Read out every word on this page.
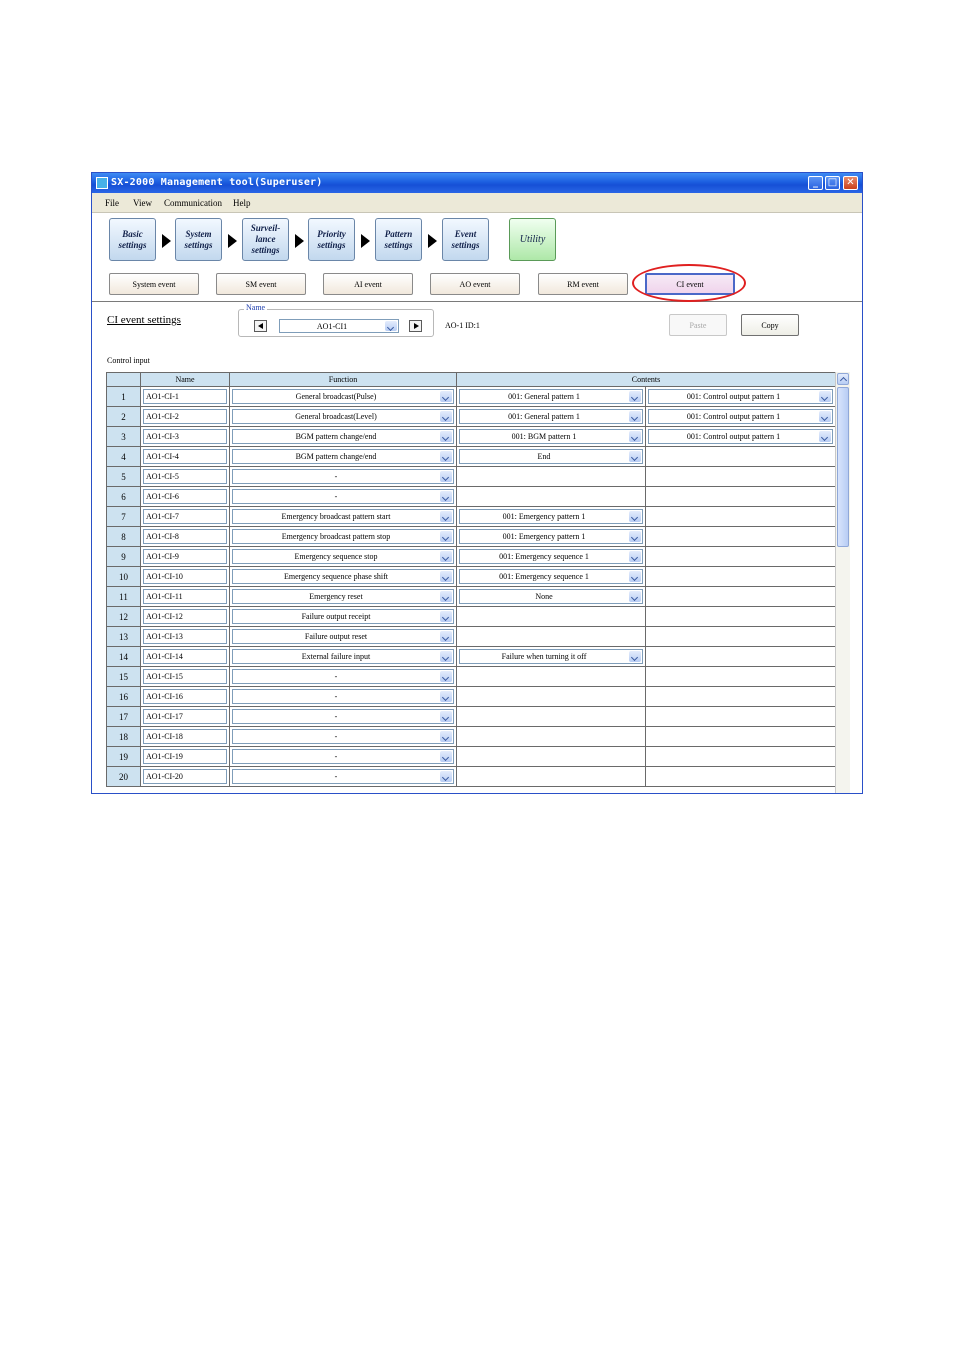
SX-2000 Management tool(Superuser)	_ □ ✕
File View Communication Help
Basic
settings
System
settings
Surveil-
lance
settings
Priority
settings
Pattern
settings
Event
settings	Utility
System event	SM event	AI event	AO event	RM event	CI event
CI event settings
Name
AO1-CI1	AO-1 ID:1	Paste	Copy
Control input
	Name	Function	Contents	
1	AO1-CI-1	General broadcast(Pulse)	001: General pattern 1	001: Control output pattern 1

2	AO1-CI-2	General broadcast(Level)	001: General pattern 1	001: Control output pattern 1

3	AO1-CI-3	BGM pattern change/end	001: BGM pattern 1	001: Control output pattern 1

4	AO1-CI-4	BGM pattern change/end	End	

5	AO1-CI-5	-		

6	AO1-CI-6	-		

7	AO1-CI-7	Emergency broadcast pattern start	001: Emergency pattern 1	

8	AO1-CI-8	Emergency broadcast pattern stop	001: Emergency pattern 1	

9	AO1-CI-9	Emergency sequence stop	001: Emergency sequence 1	

10	AO1-CI-10	Emergency sequence phase shift	001: Emergency sequence 1	

11	AO1-CI-11	Emergency reset	None	

12	AO1-CI-12	Failure output receipt		

13	AO1-CI-13	Failure output reset		

14	AO1-CI-14	External failure input	Failure when turning it off	

15	AO1-CI-15	-		

16	AO1-CI-16	-		

17	AO1-CI-17	-		

18	AO1-CI-18	-		

19	AO1-CI-19	-		

20	AO1-CI-20	-		
